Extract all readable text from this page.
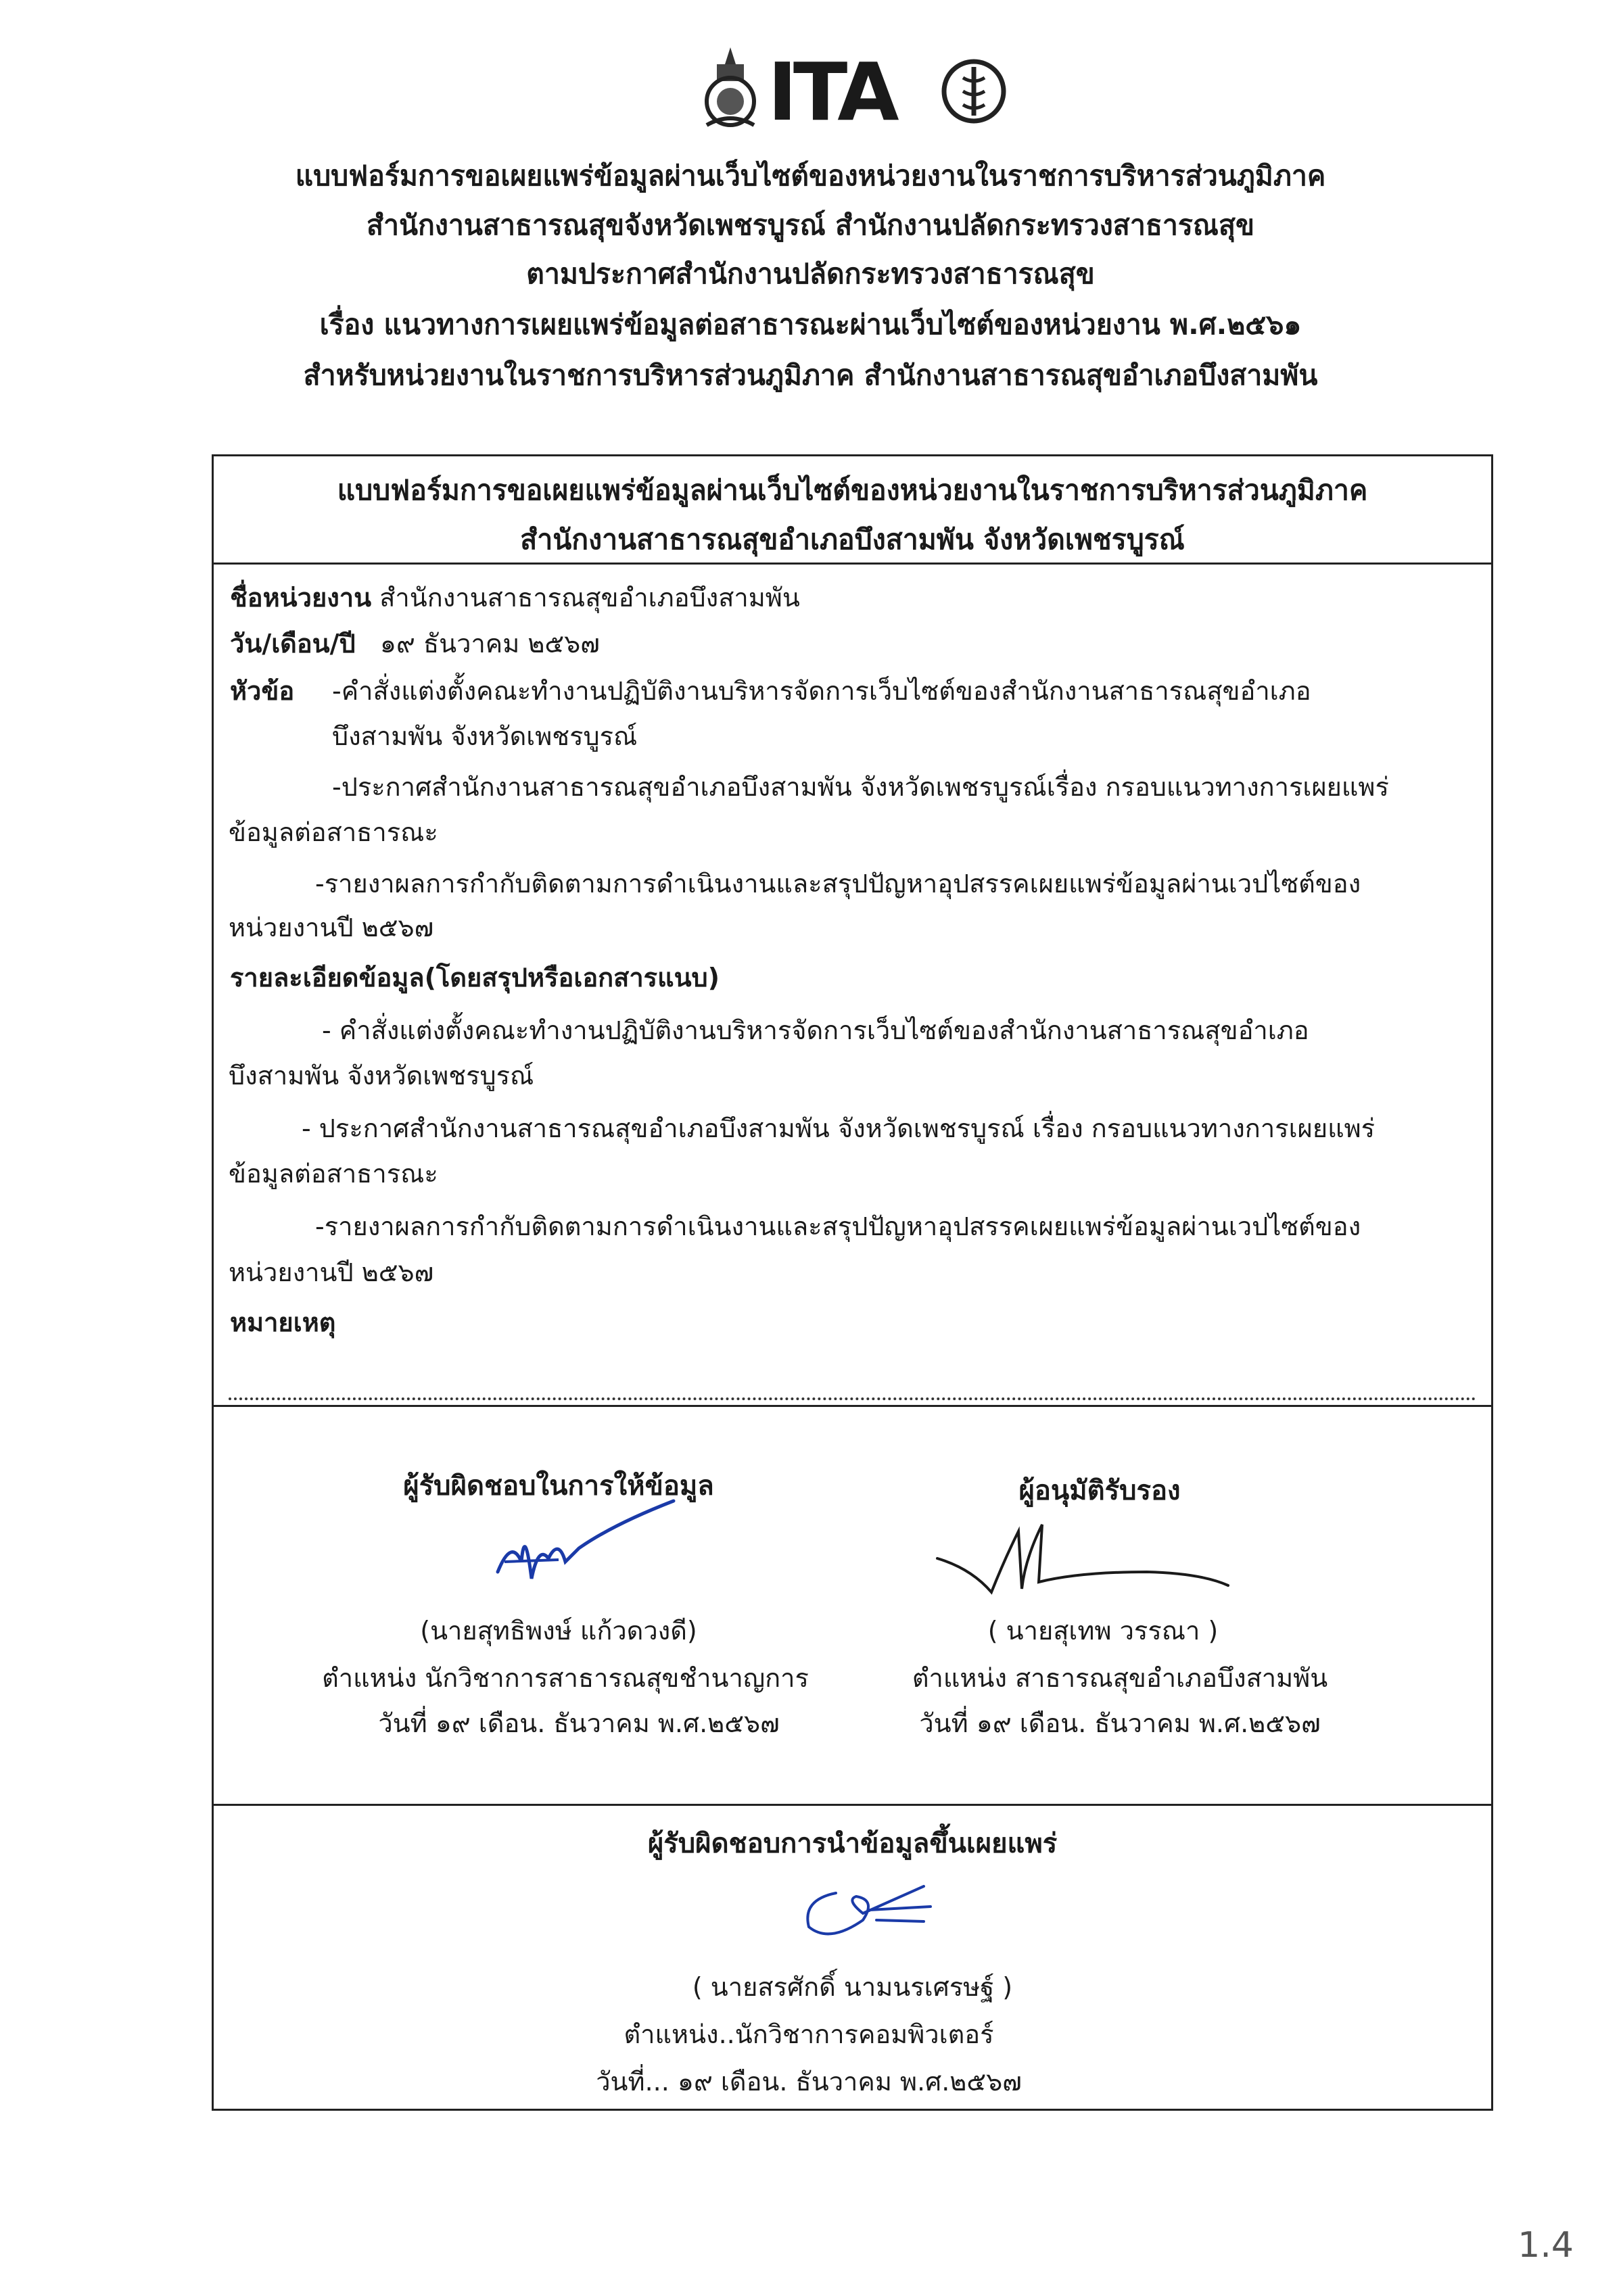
ITA
แบบฟอร์มการขอเผยแพร่ข้อมูลผ่านเว็บไซต์ของหน่วยงานในราชการบริหารส่วนภูมิภาค
สำนักงานสาธารณสุขจังหวัดเพชรบูรณ์ สำนักงานปลัดกระทรวงสาธารณสุข
ตามประกาศสำนักงานปลัดกระทรวงสาธารณสุข
เรื่อง แนวทางการเผยแพร่ข้อมูลต่อสาธารณะผ่านเว็บไซต์ของหน่วยงาน พ.ศ.๒๕๖๑
สำหรับหน่วยงานในราชการบริหารส่วนภูมิภาค สำนักงานสาธารณสุขอำเภอบึงสามพัน
แบบฟอร์มการขอเผยแพร่ข้อมูลผ่านเว็บไซต์ของหน่วยงานในราชการบริหารส่วนภูมิภาค
สำนักงานสาธารณสุขอำเภอบึงสามพัน จังหวัดเพชรบูรณ์
ชื่อหน่วยงาน สำนักงานสาธารณสุขอำเภอบึงสามพัน
วัน/เดือน/ปี ๑๙ ธันวาคม ๒๕๖๗
หัวข้อ -คำสั่งแต่งตั้งคณะทำงานปฏิบัติงานบริหารจัดการเว็บไซต์ของสำนักงานสาธารณสุขอำเภอ
บึงสามพัน จังหวัดเพชรบูรณ์
-ประกาศสำนักงานสาธารณสุขอำเภอบึงสามพัน จังหวัดเพชรบูรณ์เรื่อง กรอบแนวทางการเผยแพร่
ข้อมูลต่อสาธารณะ
-รายงาผลการกำกับติดตามการดำเนินงานและสรุปปัญหาอุปสรรคเผยแพร่ข้อมูลผ่านเวปไซต์ของ
หน่วยงานปี ๒๕๖๗
รายละเอียดข้อมูล(โดยสรุปหรือเอกสารแนบ)
- คำสั่งแต่งตั้งคณะทำงานปฏิบัติงานบริหารจัดการเว็บไซต์ของสำนักงานสาธารณสุขอำเภอ
บึงสามพัน จังหวัดเพชรบูรณ์
- ประกาศสำนักงานสาธารณสุขอำเภอบึงสามพัน จังหวัดเพชรบูรณ์ เรื่อง กรอบแนวทางการเผยแพร่
ข้อมูลต่อสาธารณะ
-รายงาผลการกำกับติดตามการดำเนินงานและสรุปปัญหาอุปสรรคเผยแพร่ข้อมูลผ่านเวปไซต์ของ
หน่วยงานปี ๒๕๖๗
หมายเหตุ
ผู้รับผิดชอบในการให้ข้อมูล
(นายสุทธิพงษ์ แก้วดวงดี)
ตำแหน่ง นักวิชาการสาธารณสุขชำนาญการ
วันที่ ๑๙ เดือน. ธันวาคม พ.ศ.๒๕๖๗
ผู้อนุมัติรับรอง
( นายสุเทพ วรรณา )
ตำแหน่ง สาธารณสุขอำเภอบึงสามพัน
วันที่ ๑๙ เดือน. ธันวาคม พ.ศ.๒๕๖๗
ผู้รับผิดชอบการนำข้อมูลขึ้นเผยแพร่
( นายสรศักดิ์ นามนรเศรษฐ์ )
ตำแหน่ง..นักวิชาการคอมพิวเตอร์
วันที่... ๑๙ เดือน. ธันวาคม พ.ศ.๒๕๖๗
1.4
